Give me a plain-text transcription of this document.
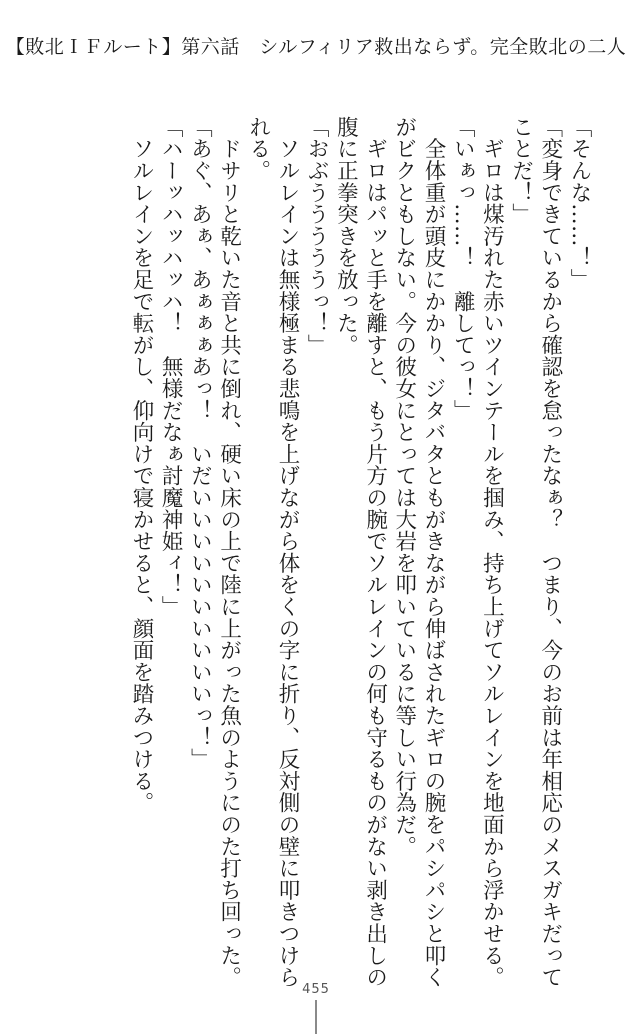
【敗北ＩＦルート】第六話　シルフィリア救出ならず。完全敗北の二人
「そんな……！」
「変身できているから確認を怠ったなぁ？　つまり、今のお前は年相応のメスガキだって
ことだ！」
　ギロは煤汚れた赤いツインテールを掴み、持ち上げてソルレインを地面から浮かせる。
「いぁっ……！　離してっ！」
　全体重が頭皮にかかり、ジタバタともがきながら伸ばされたギロの腕をパシパシと叩く
がビクともしない。今の彼女にとっては大岩を叩いているに等しい行為だ。
　ギロはパッと手を離すと、もう片方の腕でソルレインの何も守るものがない剥き出しの
腹に正拳突きを放った。
「おぶうううううっ！」
　ソルレインは無様極まる悲鳴を上げながら体をくの字に折り、反対側の壁に叩きつけら
れる。
　ドサリと乾いた音と共に倒れ、硬い床の上で陸に上がった魚のようにのた打ち回った。
「あぐ、あぁ、あぁぁぁあっ！　いだいいいいいいいいいいっ！」
「ハーッハッハッハ！　無様だなぁ討魔神姫ィ！」
　ソルレインを足で転がし、仰向けで寝かせると、顔面を踏みつける。
455
